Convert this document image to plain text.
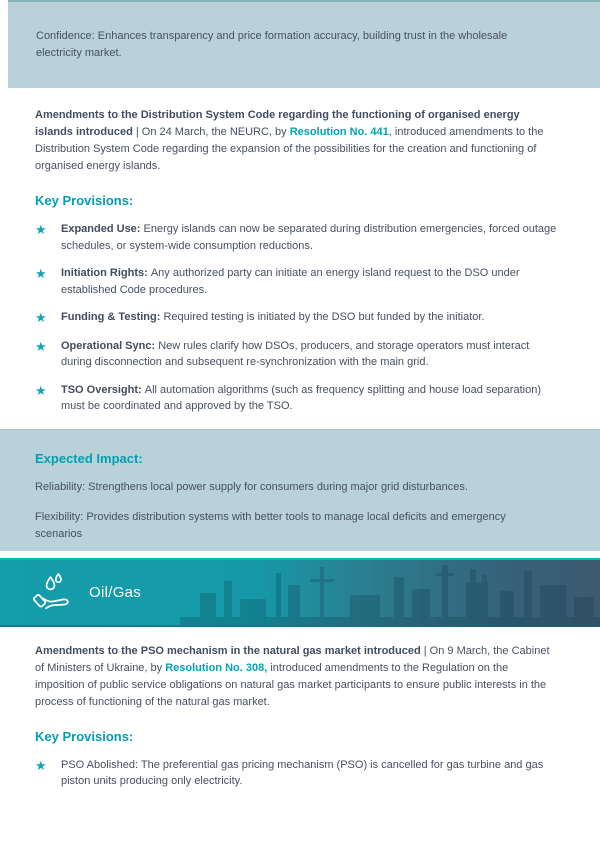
Confidence: Enhances transparency and price formation accuracy, building trust in the wholesale electricity market.

Amendments to the Distribution System Code regarding the functioning of organised energy islands introduced | On 24 March, the NEURC, by Resolution No. 441, introduced amendments to the Distribution System Code regarding the expansion of the possibilities for the creation and functioning of organised energy islands.

Key Provisions:
★	Expanded Use: Energy islands can now be separated during distribution emergencies, forced outage schedules, or system-wide consumption reductions.
★	Initiation Rights: Any authorized party can initiate an energy island request to the DSO under established Code procedures.
★	Funding & Testing: Required testing is initiated by the DSO but funded by the initiator.
★	Operational Sync: New rules clarify how DSOs, producers, and storage operators must interact during disconnection and subsequent re-synchronization with the main grid.
★	TSO Oversight: All automation algorithms (such as frequency splitting and house load separation) must be coordinated and approved by the TSO.
Expected Impact:

Reliability: Strengthens local power supply for consumers during major grid disturbances.

Flexibility: Provides distribution systems with better tools to manage local deficits and emergency scenarios

Oil/Gas

Amendments to the PSO mechanism in the natural gas market introduced | On 9 March, the Cabinet of Ministers of Ukraine, by Resolution No. 308, introduced amendments to the Regulation on the imposition of public service obligations on natural gas market participants to ensure public interests in the process of functioning of the natural gas market.

Key Provisions:
★	PSO Abolished: The preferential gas pricing mechanism (PSO) is cancelled for gas turbine and gas piston units producing only electricity.
